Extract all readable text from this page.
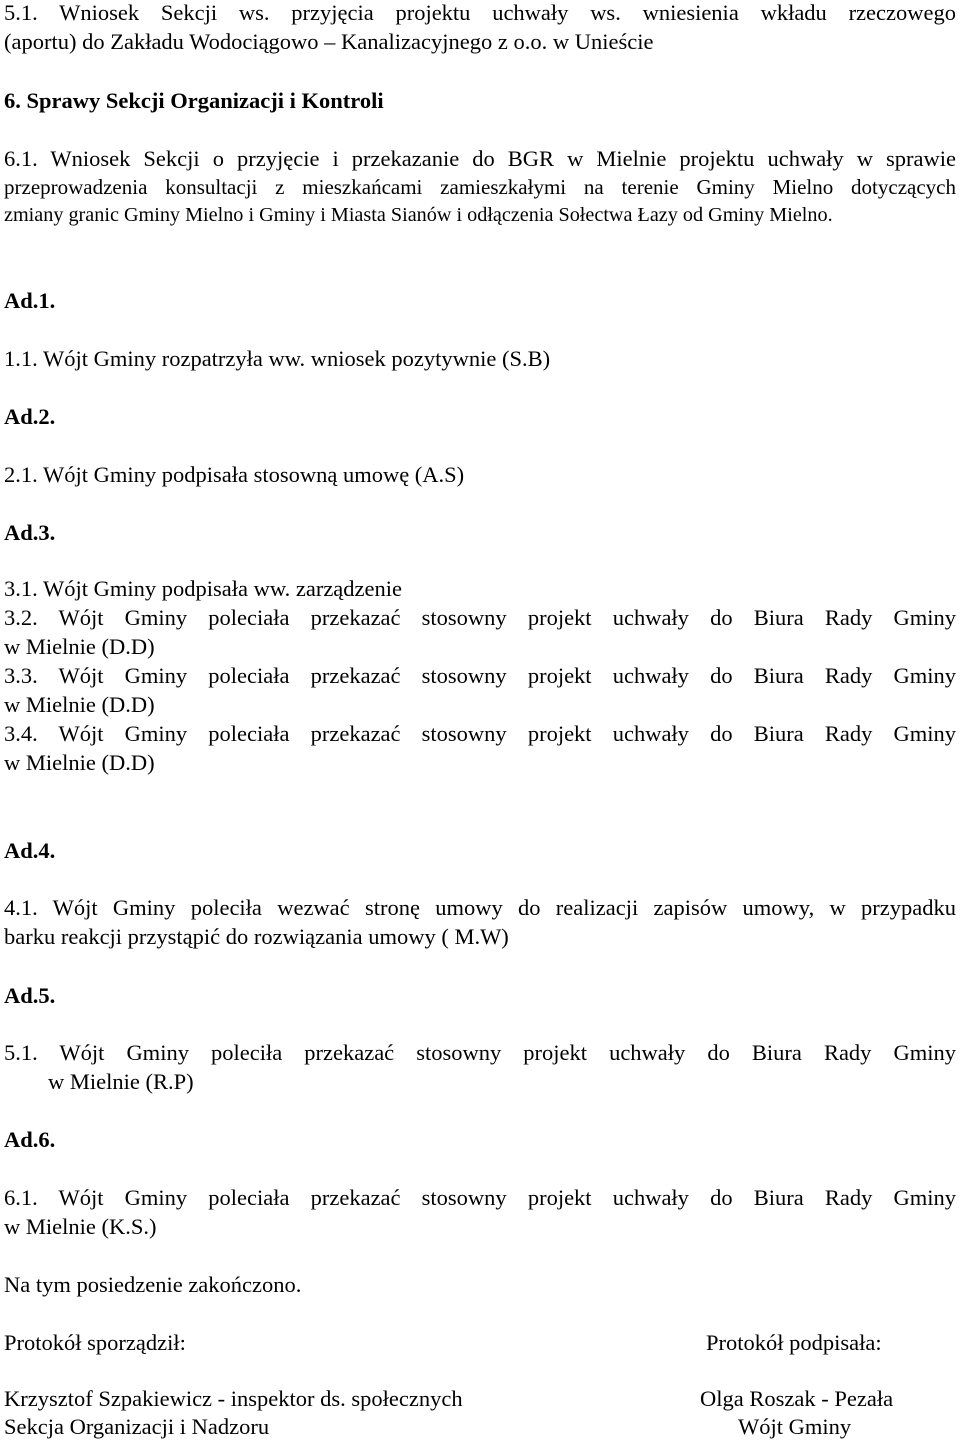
5.1. Wniosek Sekcji ws. przyjęcia projektu uchwały ws. wniesienia wkładu rzeczowego
(aportu) do Zakładu Wodociągowo – Kanalizacyjnego z o.o. w Unieście
6. Sprawy Sekcji Organizacji i Kontroli
6.1. Wniosek Sekcji o przyjęcie i przekazanie do BGR w Mielnie projektu uchwały w sprawie
przeprowadzenia konsultacji z mieszkańcami zamieszkałymi na terenie Gminy Mielno dotyczących
zmiany granic Gminy Mielno i Gminy i Miasta Sianów i odłączenia Sołectwa Łazy od Gminy Mielno.
Ad.1.
1.1. Wójt Gminy rozpatrzyła ww. wniosek pozytywnie (S.B)
Ad.2.
2.1. Wójt Gminy podpisała stosowną umowę (A.S)
Ad.3.
3.1. Wójt Gminy podpisała ww. zarządzenie
3.2. Wójt Gminy poleciała przekazać stosowny projekt uchwały do Biura Rady Gminy
w Mielnie (D.D)
3.3. Wójt Gminy poleciała przekazać stosowny projekt uchwały do Biura Rady Gminy
w Mielnie (D.D)
3.4. Wójt Gminy poleciała przekazać stosowny projekt uchwały do Biura Rady Gminy
w Mielnie (D.D)
Ad.4.
4.1. Wójt Gminy poleciła wezwać stronę umowy do realizacji zapisów umowy, w przypadku
barku reakcji przystąpić do rozwiązania umowy ( M.W)
Ad.5.
5.1. Wójt Gminy poleciła przekazać stosowny projekt uchwały do Biura Rady Gminy
w Mielnie (R.P)
Ad.6.
6.1. Wójt Gminy poleciała przekazać stosowny projekt uchwały do Biura Rady Gminy
w Mielnie (K.S.)
Na tym posiedzenie zakończono.
Protokół sporządził:	Protokół podpisała:
Krzysztof Szpakiewicz - inspektor ds. społecznych	Olga Roszak - Pezała
Sekcja Organizacji i Nadzoru	Wójt Gminy
